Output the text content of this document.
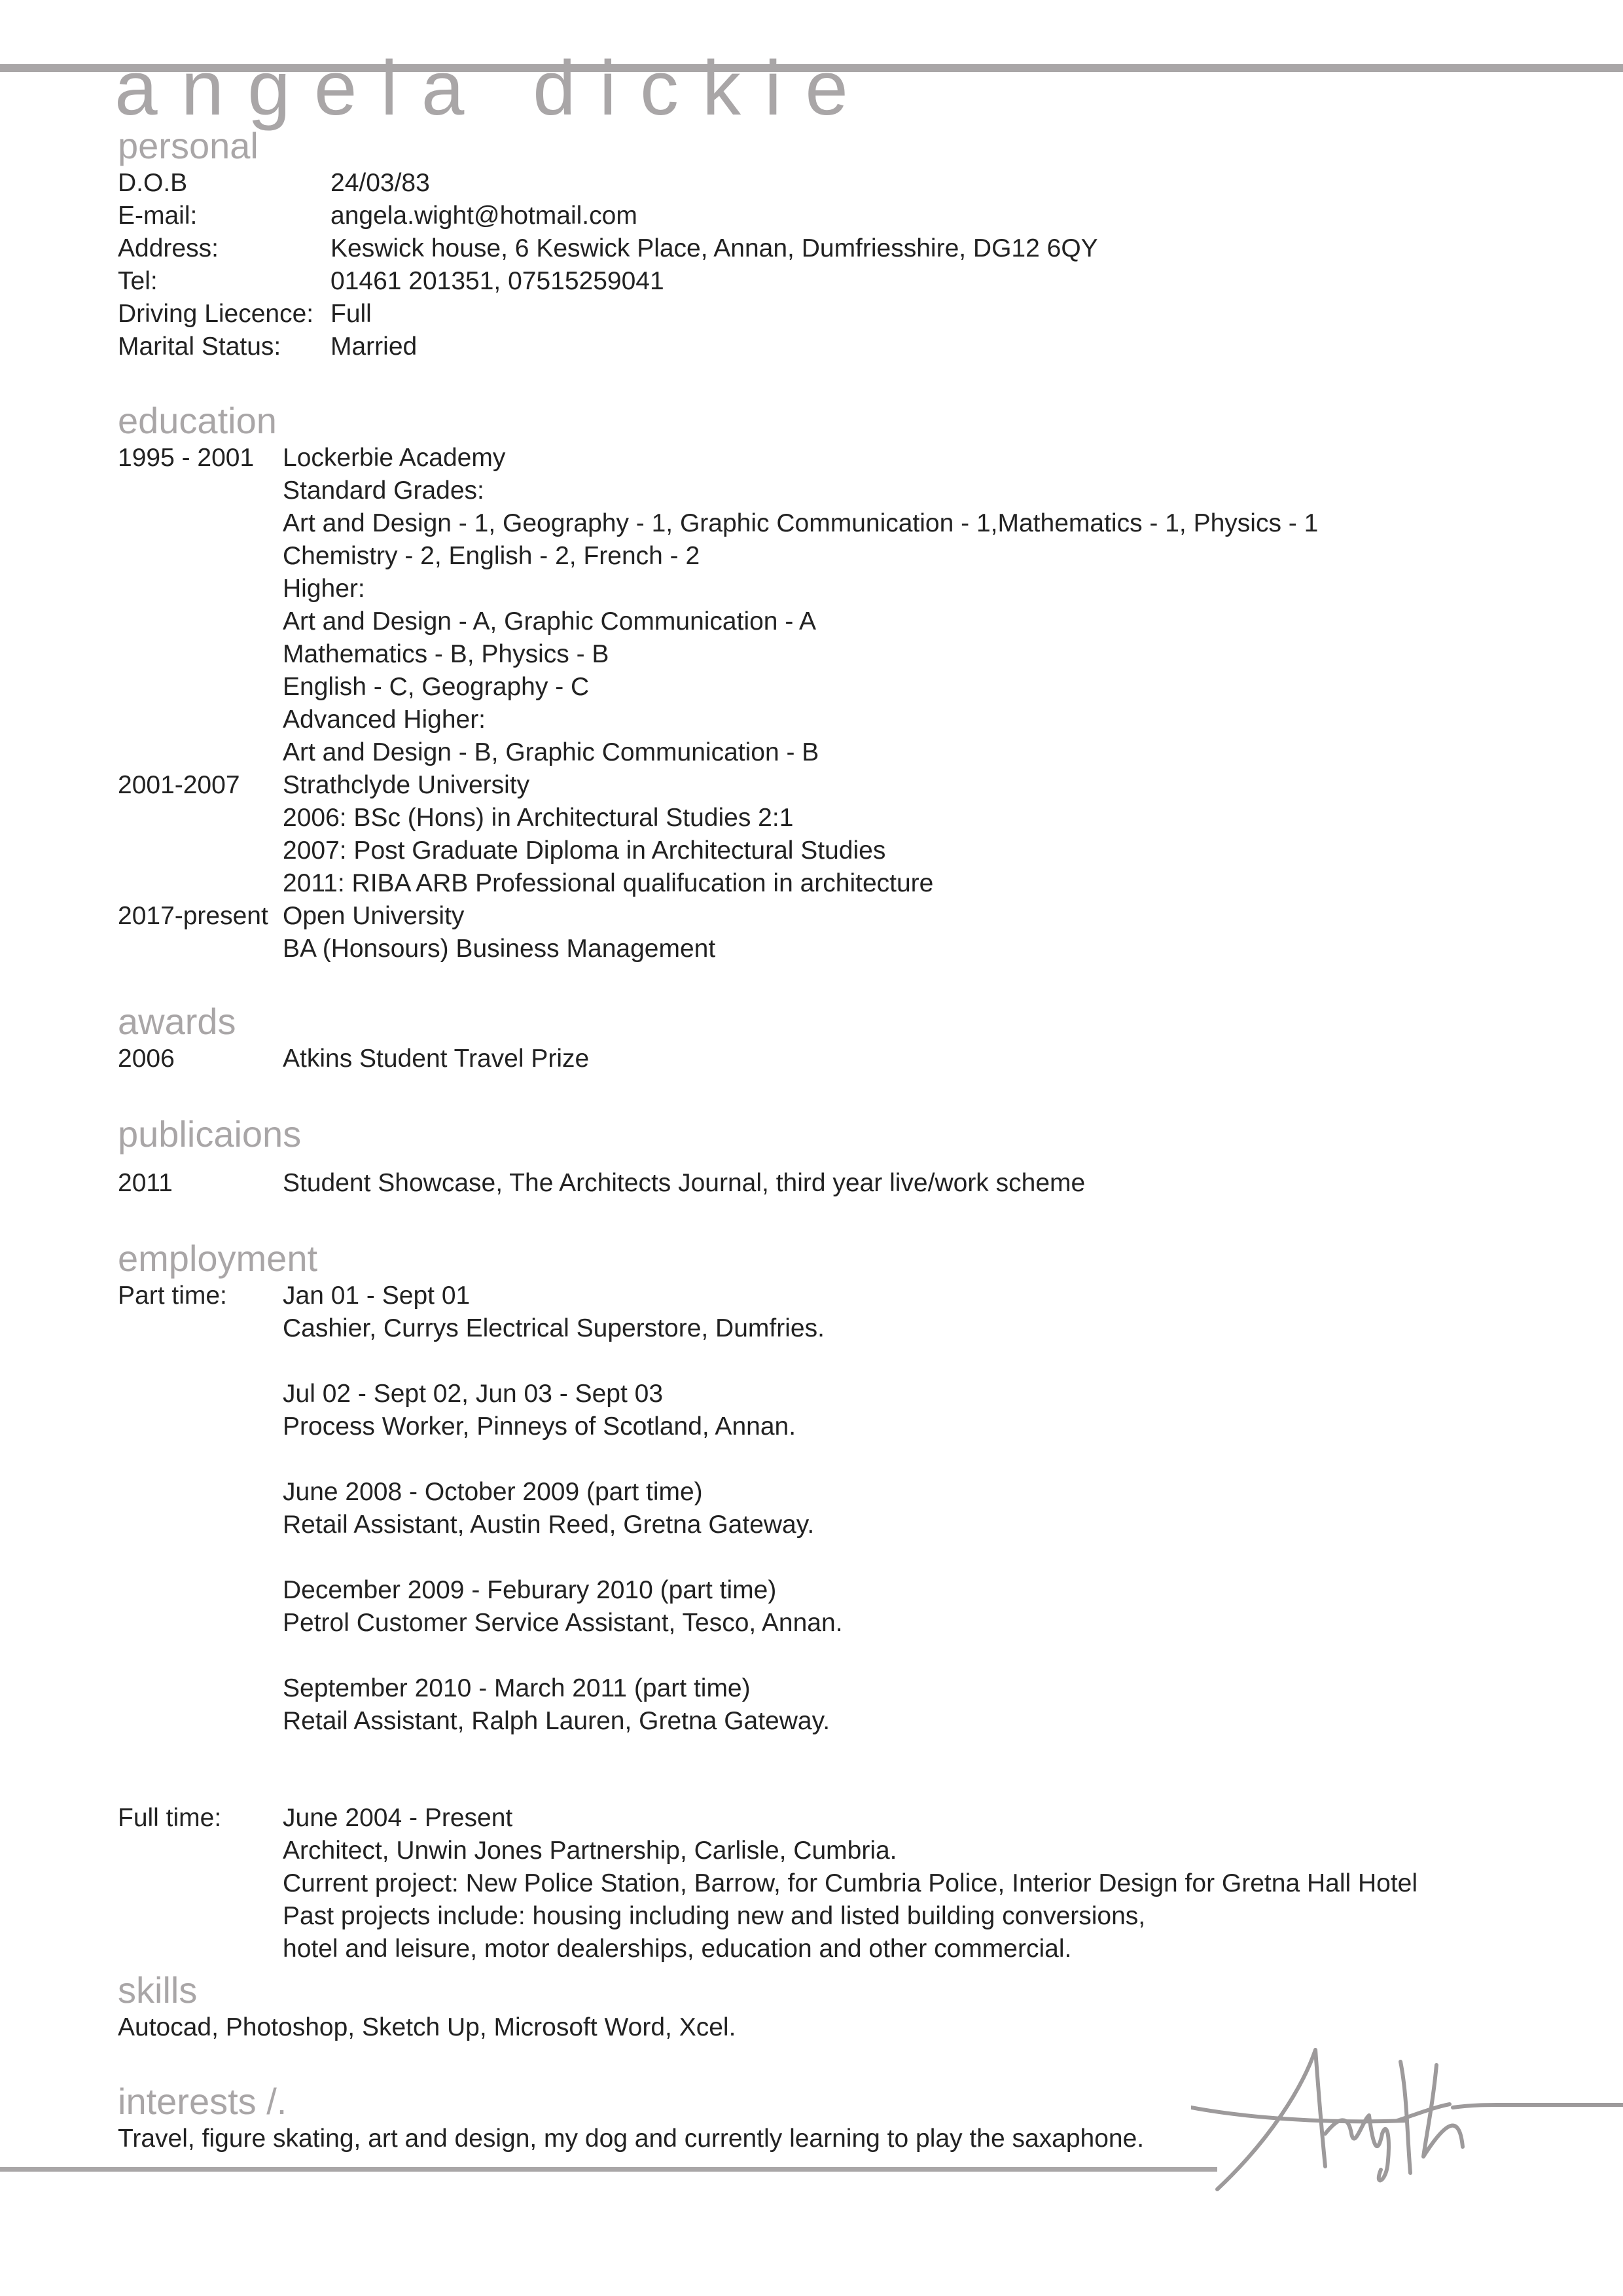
angela dickie
personal
D.O.B	24/03/83
E-mail:	angela.wight@hotmail.com
Address:	Keswick house, 6 Keswick Place, Annan, Dumfriesshire, DG12 6QY
Tel:	01461 201351, 07515259041
Driving Liecence: Full
Marital Status: Married
education
1995 - 2001 Lockerbie Academy
Standard Grades:
Art and Design - 1, Geography - 1, Graphic Communication - 1,Mathematics - 1, Physics - 1
Chemistry - 2, English - 2, French - 2
Higher:
Art and Design - A, Graphic Communication - A
Mathematics - B, Physics - B
English - C, Geography - C
Advanced Higher:
Art and Design - B, Graphic Communication - B
2001-2007 Strathclyde University
2006: BSc (Hons) in Architectural Studies 2:1
2007: Post Graduate Diploma in Architectural Studies
2011: RIBA ARB Professional qualifucation in architecture
2017-present Open University
BA (Honsours) Business Management
awards
2006	Atkins Student Travel Prize
publicaions
2011	Student Showcase, The Architects Journal, third year live/work scheme
employment
Part time: Jan 01 - Sept 01
Cashier, Currys Electrical Superstore, Dumfries.
Jul 02 - Sept 02, Jun 03 - Sept 03
Process Worker, Pinneys of Scotland, Annan.
June 2008 - October 2009 (part time)
Retail Assistant, Austin Reed, Gretna Gateway.
December 2009 - Feburary 2010 (part time)
Petrol Customer Service Assistant, Tesco, Annan.
September 2010 - March 2011 (part time)
Retail Assistant, Ralph Lauren, Gretna Gateway.
Full time: June 2004 - Present
Architect, Unwin Jones Partnership, Carlisle, Cumbria.
Current project: New Police Station, Barrow, for Cumbria Police, Interior Design for Gretna Hall Hotel
Past projects include: housing including new and listed building conversions,
hotel and leisure, motor dealerships, education and other commercial.
skills
Autocad, Photoshop, Sketch Up, Microsoft Word, Xcel.
interests /.
Travel, figure skating, art and design, my dog and currently learning to play the saxaphone.
